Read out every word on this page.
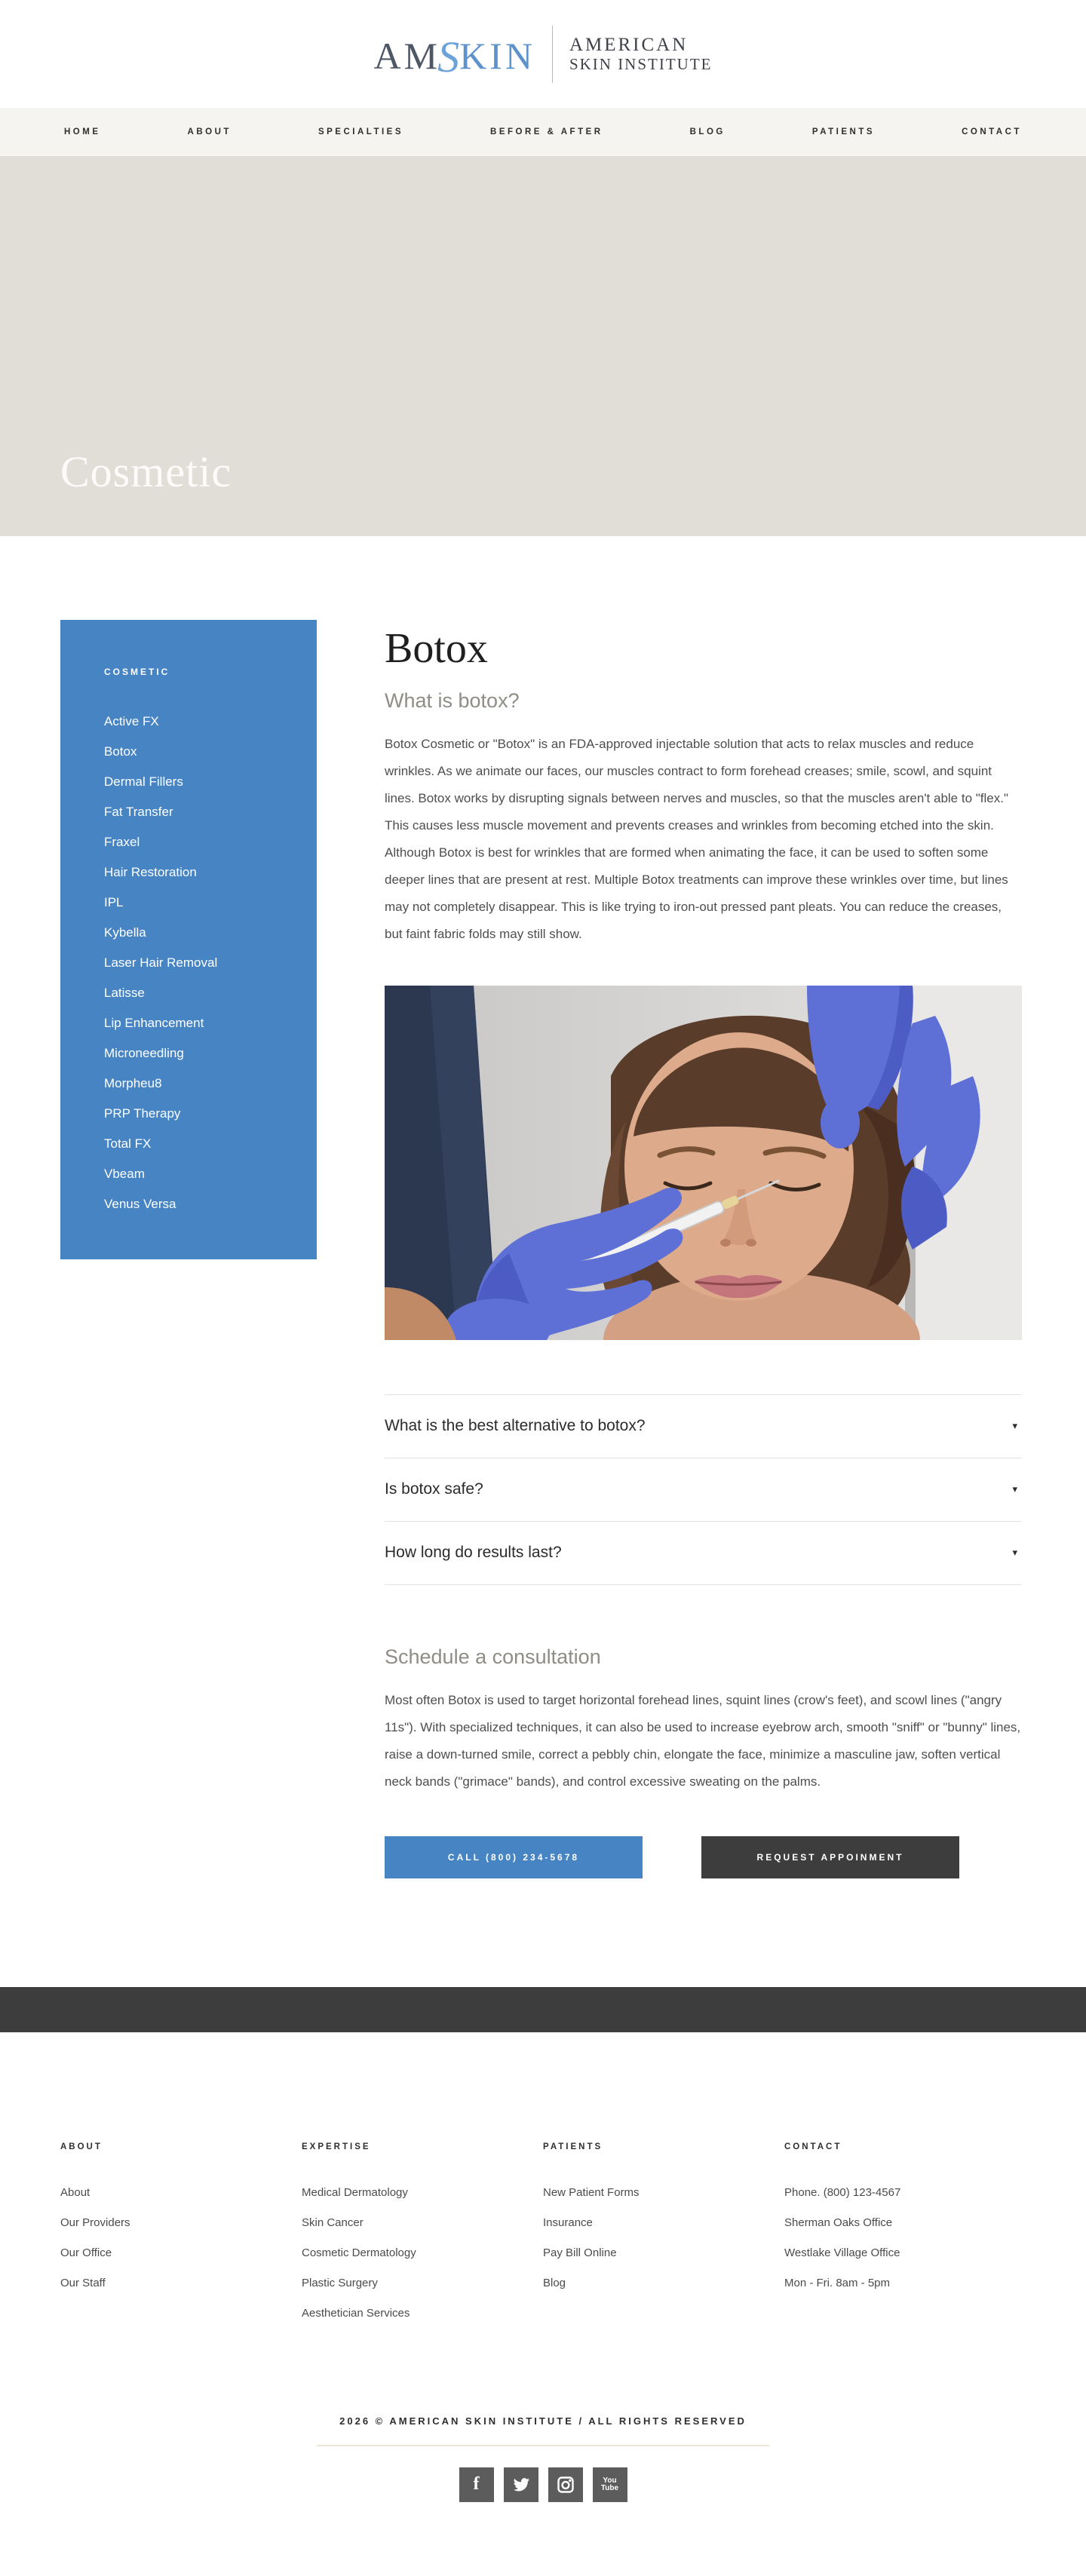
AM
S
KIN AMERICAN
SKIN INSTITUTE
HOME	ABOUT	SPECIALTIES	BEFORE & AFTER	BLOG	PATIENTS	CONTACT
Cosmetic
COSMETIC
Active FX
Botox
Dermal Fillers
Fat Transfer
Fraxel
Hair Restoration
IPL
Kybella
Laser Hair Removal
Latisse
Lip Enhancement
Microneedling
Morpheu8
PRP Therapy
Total FX
Vbeam
Venus Versa
Botox
What is botox?

Botox Cosmetic or "Botox" is an FDA-approved injectable solution that acts to relax muscles and reduce wrinkles. As we animate our faces, our muscles contract to form forehead creases; smile, scowl, and squint lines. Botox works by disrupting signals between nerves and muscles, so that the muscles aren't able to "flex." This causes less muscle movement and prevents creases and wrinkles from becoming etched into the skin. Although Botox is best for wrinkles that are formed when animating the face, it can be used to soften some deeper lines that are present at rest. Multiple Botox treatments can improve these wrinkles over time, but lines may not completely disappear. This is like trying to iron-out pressed pant pleats. You can reduce the creases, but faint fabric folds may still show.

What is the best alternative to botox?	▾
Is botox safe?	▾
How long do results last?	▾
Schedule a consultation

Most often Botox is used to target horizontal forehead lines, squint lines (crow's feet), and scowl lines ("angry 11s"). With specialized techniques, it can also be used to increase eyebrow arch, smooth "sniff" or "bunny" lines, raise a down-turned smile, correct a pebbly chin, elongate the face, minimize a masculine jaw, soften vertical neck bands ("grimace" bands), and control excessive sweating on the palms.

CALL (800) 234-5678	REQUEST APPOINMENT
ABOUT
About
Our Providers
Our Office
Our Staff
EXPERTISE
Medical Dermatology
Skin Cancer
Cosmetic Dermatology
Plastic Surgery
Aesthetician Services
PATIENTS
New Patient Forms
Insurance
Pay Bill Online
Blog
CONTACT
Phone. (800) 123-4567
Sherman Oaks Office
Westlake Village Office
Mon - Fri. 8am - 5pm
2026 © AMERICAN SKIN INSTITUTE / ALL RIGHTS RESERVED
f	You
Tube
